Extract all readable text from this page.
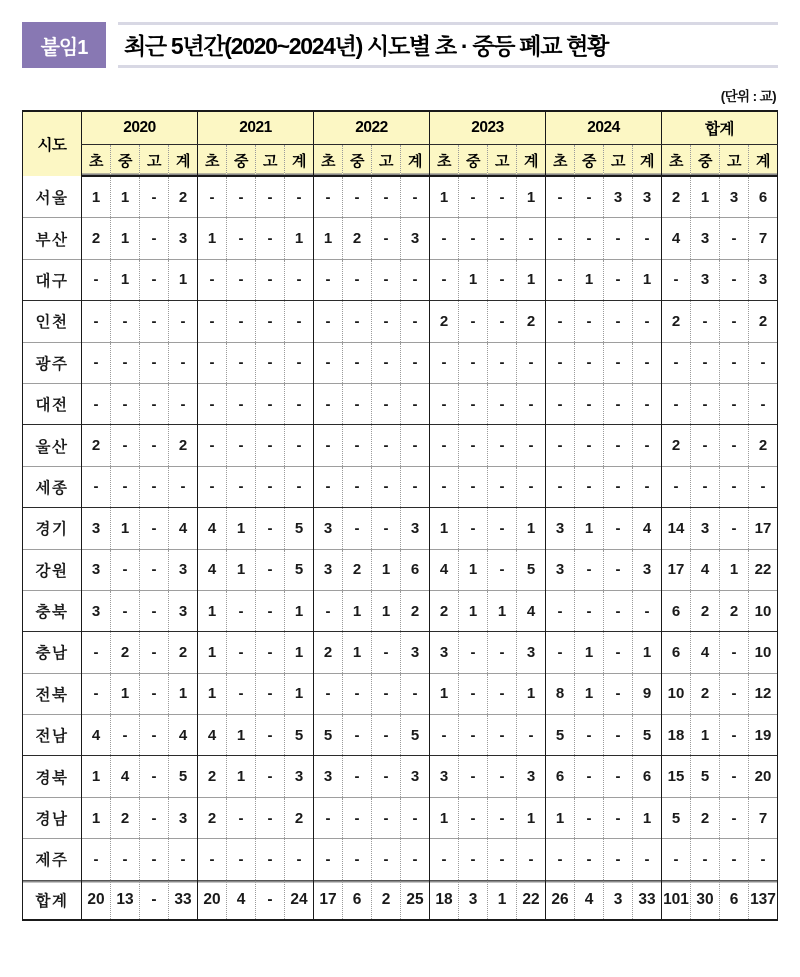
붙임1	최근 5년간(2020~2024년) 시도별 초 · 중등 폐교 현황
(단위 : 교)
시도	2020				2021				2022				2023				2024				합계			
	초	중	고	계	초	중	고	계	초	중	고	계	초	중	고	계	초	중	고	계	초	중	고	계
서울	1	1	-	2	-	-	-	-	-	-	-	-	1	-	-	1	-	-	3	3	2	1	3	6
부산	2	1	-	3	1	-	-	1	1	2	-	3	-	-	-	-	-	-	-	-	4	3	-	7
대구	-	1	-	1	-	-	-	-	-	-	-	-	-	1	-	1	-	1	-	1	-	3	-	3
인천	-	-	-	-	-	-	-	-	-	-	-	-	2	-	-	2	-	-	-	-	2	-	-	2
광주	-	-	-	-	-	-	-	-	-	-	-	-	-	-	-	-	-	-	-	-	-	-	-	-
대전	-	-	-	-	-	-	-	-	-	-	-	-	-	-	-	-	-	-	-	-	-	-	-	-
울산	2	-	-	2	-	-	-	-	-	-	-	-	-	-	-	-	-	-	-	-	2	-	-	2
세종	-	-	-	-	-	-	-	-	-	-	-	-	-	-	-	-	-	-	-	-	-	-	-	-
경기	3	1	-	4	4	1	-	5	3	-	-	3	1	-	-	1	3	1	-	4	14	3	-	17
강원	3	-	-	3	4	1	-	5	3	2	1	6	4	1	-	5	3	-	-	3	17	4	1	22
충북	3	-	-	3	1	-	-	1	-	1	1	2	2	1	1	4	-	-	-	-	6	2	2	10
충남	-	2	-	2	1	-	-	1	2	1	-	3	3	-	-	3	-	1	-	1	6	4	-	10
전북	-	1	-	1	1	-	-	1	-	-	-	-	1	-	-	1	8	1	-	9	10	2	-	12
전남	4	-	-	4	4	1	-	5	5	-	-	5	-	-	-	-	5	-	-	5	18	1	-	19
경북	1	4	-	5	2	1	-	3	3	-	-	3	3	-	-	3	6	-	-	6	15	5	-	20
경남	1	2	-	3	2	-	-	2	-	-	-	-	1	-	-	1	1	-	-	1	5	2	-	7
제주	-	-	-	-	-	-	-	-	-	-	-	-	-	-	-	-	-	-	-	-	-	-	-	-
합계	20	13	-	33	20	4	-	24	17	6	2	25	18	3	1	22	26	4	3	33	101	30	6	137
